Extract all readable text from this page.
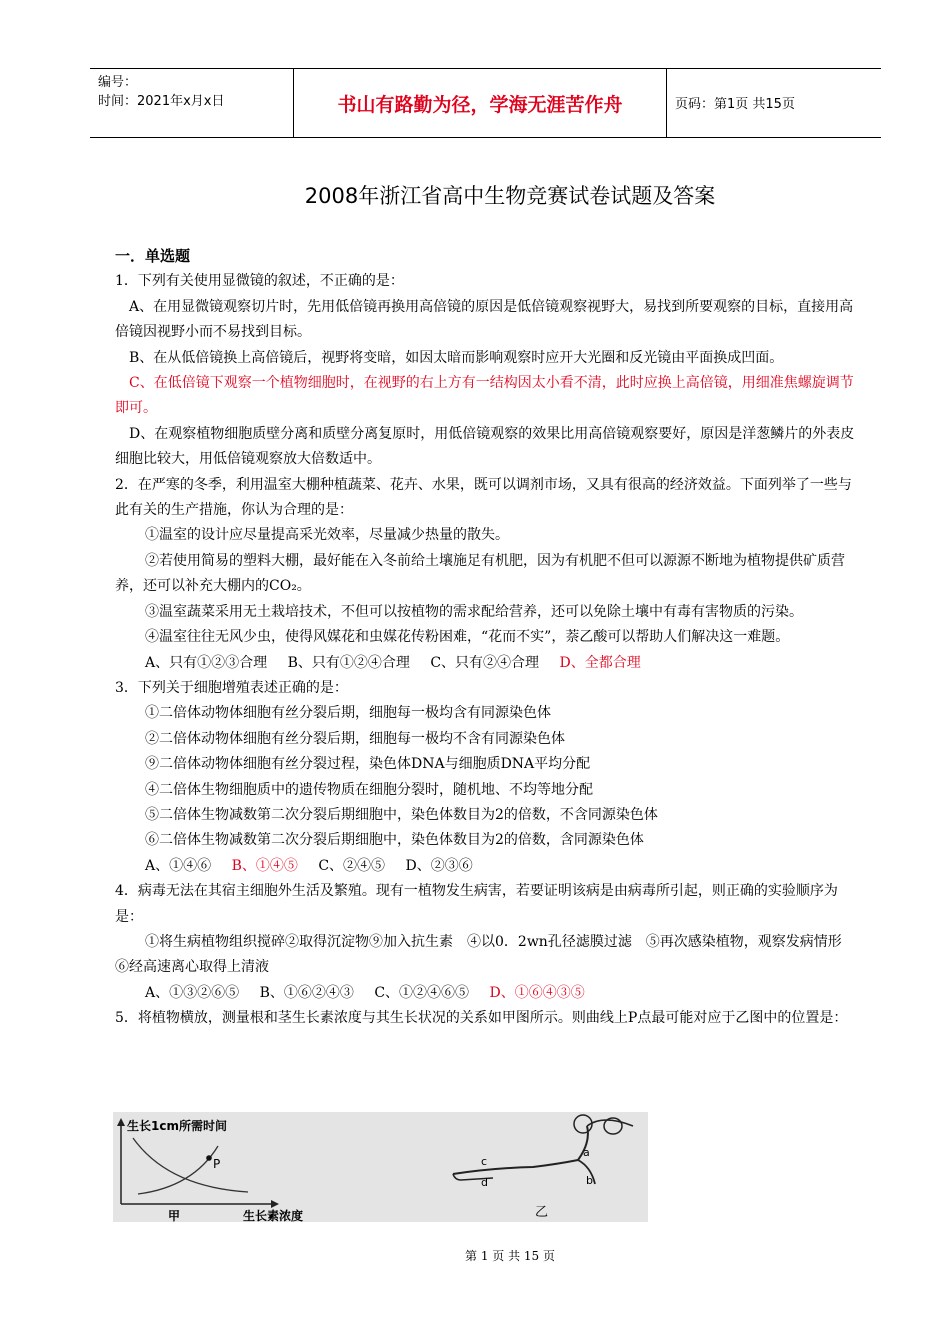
编号：
时间：2021年x月x日	书山有路勤为径，学海无涯苦作舟	页码：第1页 共15页
2008年浙江省高中生物竞赛试卷试题及答案

一．单选题

1．下列有关使用显微镜的叙述，不正确的是：

A、在用显微镜观察切片时，先用低倍镜再换用高倍镜的原因是低倍镜观察视野大，易找到所要观察的目标，直接用高倍镜因视野小而不易找到目标。

B、在从低倍镜换上高倍镜后，视野将变暗，如因太暗而影响观察时应开大光圈和反光镜由平面换成凹面。

C、在低倍镜下观察一个植物细胞时，在视野的右上方有一结构因太小看不清，此时应换上高倍镜，用细准焦螺旋调节即可。

D、在观察植物细胞质壁分离和质壁分离复原时，用低倍镜观察的效果比用高倍镜观察要好，原因是洋葱鳞片的外表皮细胞比较大，用低倍镜观察放大倍数适中。

2．在严寒的冬季，利用温室大棚种植蔬菜、花卉、水果，既可以调剂市场，又具有很高的经济效益。下面列举了一些与此有关的生产措施，你认为合理的是：

①温室的设计应尽量提高采光效率，尽量减少热量的散失。

②若使用简易的塑料大棚，最好能在入冬前给土壤施足有机肥，因为有机肥不但可以源源不断地为植物提供矿质营养，还可以补充大棚内的CO₂。

③温室蔬菜采用无土栽培技术，不但可以按植物的需求配给营养，还可以免除土壤中有毒有害物质的污染。

④温室往往无风少虫，使得风媒花和虫媒花传粉困难，“花而不实”，萘乙酸可以帮助人们解决这一难题。

A、只有①②③合理 B、只有①②④合理 C、只有②④合理 D、全都合理

3．下列关于细胞增殖表述正确的是：

①二倍体动物体细胞有丝分裂后期，细胞每一极均含有同源染色体

②二倍体动物体细胞有丝分裂后期，细胞每一极均不含有同源染色体

⑨二倍体动物体细胞有丝分裂过程，染色体DNA与细胞质DNA平均分配

④二倍体生物细胞质中的遗传物质在细胞分裂时，随机地、不均等地分配

⑤二倍体生物减数第二次分裂后期细胞中，染色体数目为2的倍数，不含同源染色体

⑥二倍体生物减数第二次分裂后期细胞中，染色体数目为2的倍数，含同源染色体

A、①④⑥ B、①④⑤ C、②④⑤ D、②③⑥

4．病毒无法在其宿主细胞外生活及繁殖。现有一植物发生病害，若要证明该病是由病毒所引起，则正确的实验顺序为是：

①将生病植物组织搅碎②取得沉淀物⑨加入抗生素　④以0．2wn孔径滤膜过滤　⑤再次感染植物，观察发病情形　　⑥经高速离心取得上清液

A、①③②⑥⑤ B、①⑥②④③ C、①②④⑥⑤ D、①⑥④③⑤

5．将植物横放，测量根和茎生长素浓度与其生长状况的关系如甲图所示。则曲线上P点最可能对应于乙图中的位置是：

P
生长1cm所需时间
生长素浓度
甲
a
b
c
d
乙
第 1 页 共 15 页
